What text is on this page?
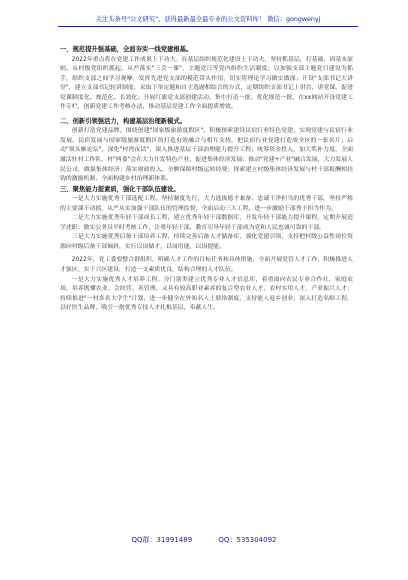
关注头条号"公文研究"，获得最新最全最专业的公文资料库！ 微信：gongwenyj
一、规范提升强基础，全面夯实一线党建根基。

2022年重点将在党建工作成果上下功夫。在基层组织规范化建设上下功夫，坚持抓基层，打基础，固基本原则，从村级党组织抓起，从严落实"三会一课"，主题党日等党内组织生活制度；以加强支部主题党日建设为抓手，组织支部之间学习观摩，发挥先进党支部的模范带头作用，切实将理论学习做实做深；开设"支部书记大讲堂"，建立支部书记轮讲制度，采取下单定题和自主选题相结合的方式，定期组织支部书记上讲台，讲党课，促进党课制度化、规范化、长效化；开展红旗党支部创建活动，集中打造一批。优化规范一批，在xx网站开设党建工作专栏，创新党建工作考核办法，推动基层党建工作全面提质增效。

二、创新引领强活力，构建基层治理新模式。

创新打造党建品牌，围绕创建"国家级旅游度假区"、积极探索建设民宿行业特色党建，实现党建与民宿行业发展、民宿发展与国家级旅游度假区的打造有效融合与相互支持，把民宿行业党建打造成全区的一张名片；启动"领头雁论坛"，深化"村湾夜话"，深入推进基层干部治理能力提升工程；统筹资金投入，加大奖补力度，全面激活驻村工作队，村"两委"会在大力开发特色产业，促进集体经济发展；推动"党建+产业"融合发展，大力发展人民公司，做强集体经济：落实财政投入，全额保障村级运转经费；探索建立村级集体经济发展与村干部报酬相挂钩的激励机制，全面构建乡村治理新体系。

三、聚焦能力提素质，强化干部队伍建设。

一是大力实施优秀干部选配工程。坚持制度先行，大力选拔德才兼备、忠诚干净担当的优秀干部，坚持严格的主要课不动摇，从严从实加强干部队伍的管理监督，全面启动三大工程，进一步激励干部秀于担当作为。

二是大力实施优秀年轻干部成长工程，建立优秀年轻干部数据库，开发年轻干部能力提升课程，定期开展适学述职；做实公务员平时考核工作，注重年轻干部，教育引导年轻干部成为党和人民忠诚可靠的干部。

三是大力实施优秀后备干部培养工程，持续完善后备人才储备库，强化党建引领，支持把村级公益性岗位资源向村级后备干部倾斜，实行以岗储才，以岗用能，以岗提能。

2022年，党工委要整合群组织，明确人才工作的目标任务和具体措施，全面开展党管人才工作，积极推进人才强区、实干兴区建设，打造一支素质优良、结构合理的人才队伍。

一是大力实施优秀人才培养工程。分门别类建立优秀专业人才信息库，着重面向农民专业合作社、家庭农场、培养既懂农业、会经营、善管理，又具有较高职业素养的复合型农业人才、农村实用人才，产业振兴人才；持续推进"一村多名大学生"计划，进一步健全在外知名人士联络制度，支持能人返乡创业；深入打造名师工程，以好医生品牌，吸引一批优秀专技人才扎根基层，奉献人生。

QQ群：31991489	QQ：535304092
